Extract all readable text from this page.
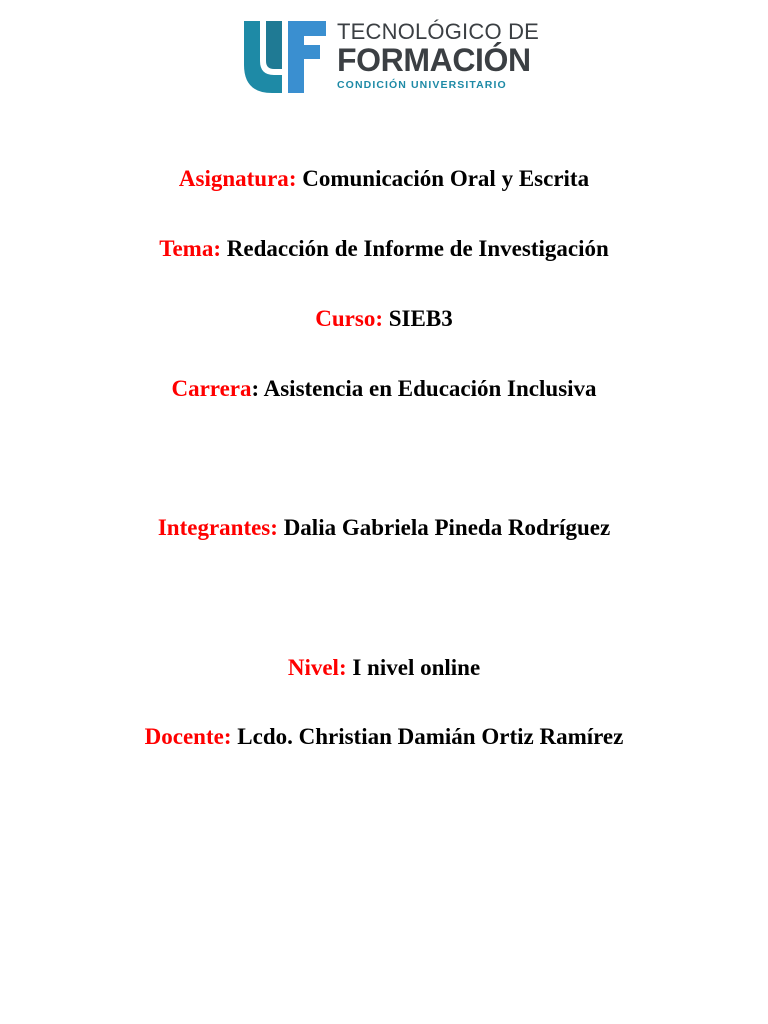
TECNOLÓGICO DE
FORMACIÓN
CONDICIÓN UNIVERSITARIO
Asignatura: Comunicación Oral y Escrita
Tema: Redacción de Informe de Investigación
Curso: SIEB3
Carrera: Asistencia en Educación Inclusiva
Integrantes: Dalia Gabriela Pineda Rodríguez
Nivel: I nivel online
Docente: Lcdo. Christian Damián Ortiz Ramírez
